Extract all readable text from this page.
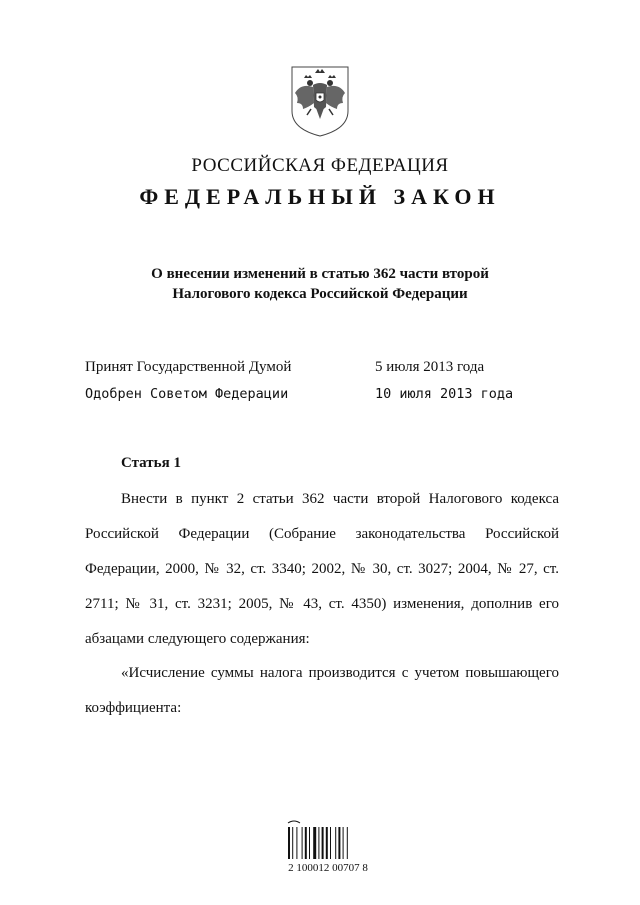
РОССИЙСКАЯ ФЕДЕРАЦИЯ
ФЕДЕРАЛЬНЫЙ ЗАКОН
О внесении изменений в статью 362 части второй
Налогового кодекса Российской Федерации
Принят Государственной Думой	5 июля 2013 года
Одобрен Советом Федерации	10 июля 2013 года
Статья 1

Внести в пункт 2 статьи 362 части второй Налогового кодекса Российской Федерации (Собрание законодательства Российской Федерации, 2000, № 32, ст. 3340; 2002, № 30, ст. 3027; 2004, № 27, ст. 2711; № 31, ст. 3231; 2005, № 43, ст. 4350) изменения, дополнив его абзацами следующего содержания:

«Исчисление суммы налога производится с учетом повышающего коэффициента:

2 100012 00707 8
